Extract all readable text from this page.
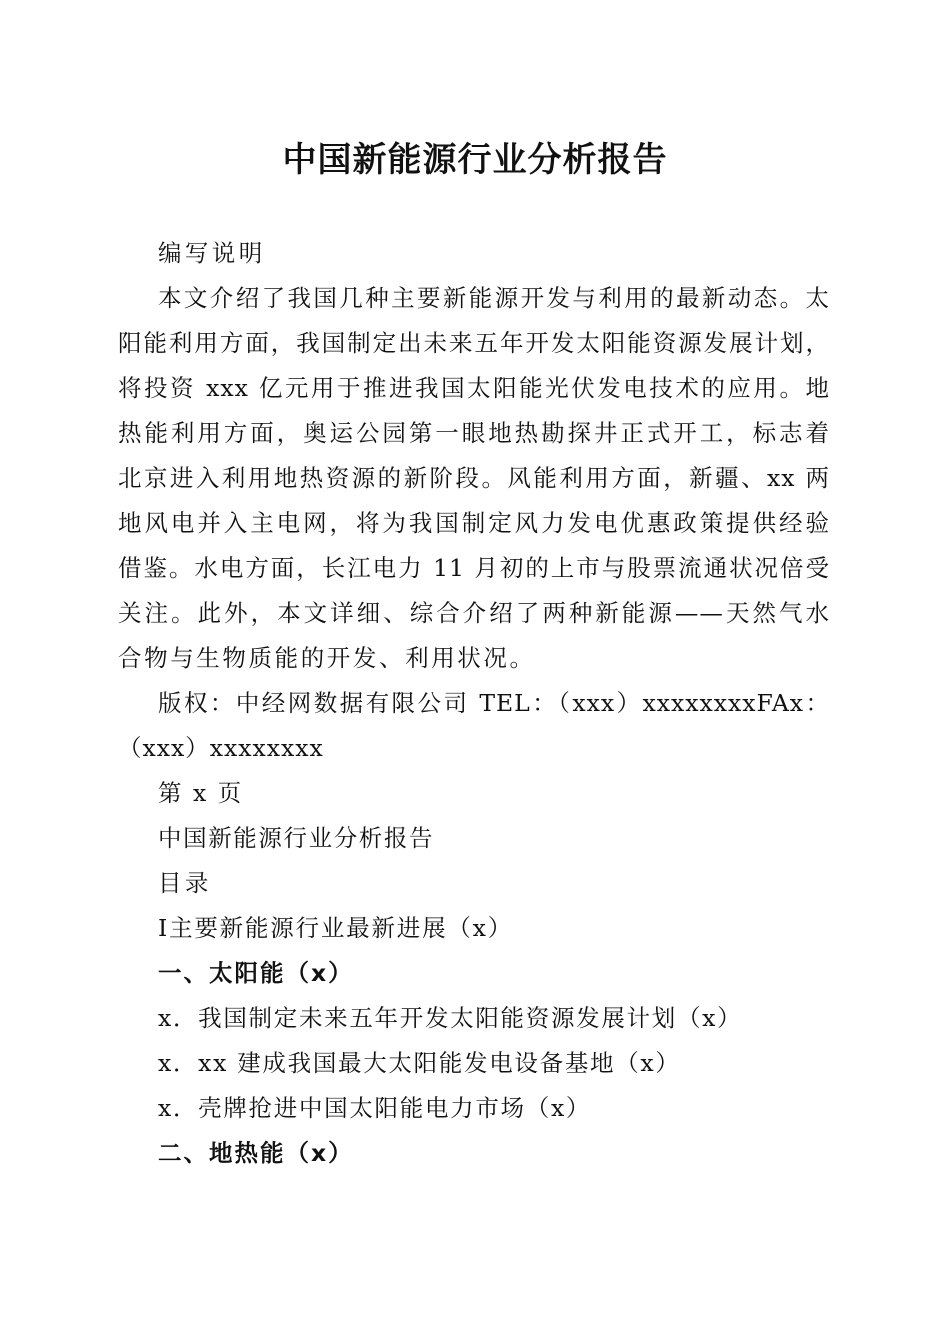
中国新能源行业分析报告

编写说明

本文介绍了我国几种主要新能源开发与利用的最新动态。太

阳能利用方面，我国制定出未来五年开发太阳能资源发展计划，

将投资 xxx 亿元用于推进我国太阳能光伏发电技术的应用。地

热能利用方面，奥运公园第一眼地热勘探井正式开工，标志着

北京进入利用地热资源的新阶段。风能利用方面，新疆、xx 两

地风电并入主电网，将为我国制定风力发电优惠政策提供经验

借鉴。水电方面，长江电力 11 月初的上市与股票流通状况倍受

关注。此外，本文详细、综合介绍了两种新能源——天然气水

合物与生物质能的开发、利用状况。

版权：中经网数据有限公司 TEL：（xxx）xxxxxxxxFAx：

（xxx）xxxxxxxx

第 x 页

中国新能源行业分析报告

目录

Ⅰ主要新能源行业最新进展（x）

一、太阳能（x）

x．我国制定未来五年开发太阳能资源发展计划（x）

x．xx 建成我国最大太阳能发电设备基地（x）

x．壳牌抢进中国太阳能电力市场（x）

二、地热能（x）
